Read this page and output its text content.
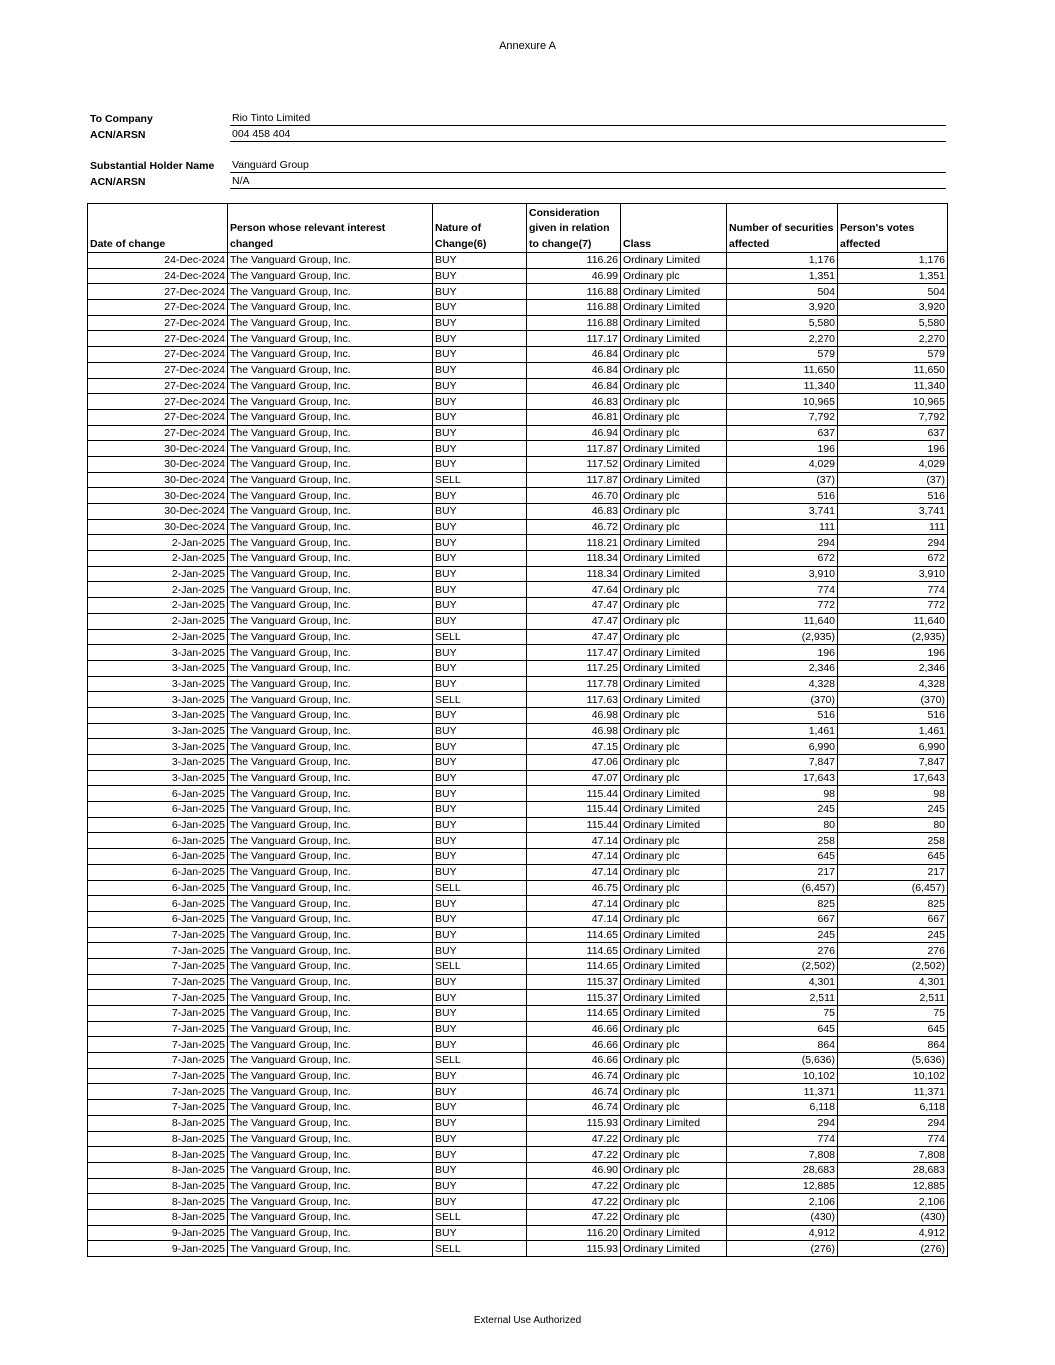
Annexure A
To Company	Rio Tinto Limited
ACN/ARSN	004 458 404
Substantial Holder Name	Vanguard Group
ACN/ARSN	N/A
Date of change	Person whose relevant interest changed	Nature of Change(6)	Consideration given in relation to change(7)	Class	Number of securities affected	Person's votes affected
24-Dec-2024	The Vanguard Group, Inc.	BUY	116.26	Ordinary Limited	1,176	1,176
24-Dec-2024	The Vanguard Group, Inc.	BUY	46.99	Ordinary plc	1,351	1,351
27-Dec-2024	The Vanguard Group, Inc.	BUY	116.88	Ordinary Limited	504	504
27-Dec-2024	The Vanguard Group, Inc.	BUY	116.88	Ordinary Limited	3,920	3,920
27-Dec-2024	The Vanguard Group, Inc.	BUY	116.88	Ordinary Limited	5,580	5,580
27-Dec-2024	The Vanguard Group, Inc.	BUY	117.17	Ordinary Limited	2,270	2,270
27-Dec-2024	The Vanguard Group, Inc.	BUY	46.84	Ordinary plc	579	579
27-Dec-2024	The Vanguard Group, Inc.	BUY	46.84	Ordinary plc	11,650	11,650
27-Dec-2024	The Vanguard Group, Inc.	BUY	46.84	Ordinary plc	11,340	11,340
27-Dec-2024	The Vanguard Group, Inc.	BUY	46.83	Ordinary plc	10,965	10,965
27-Dec-2024	The Vanguard Group, Inc.	BUY	46.81	Ordinary plc	7,792	7,792
27-Dec-2024	The Vanguard Group, Inc.	BUY	46.94	Ordinary plc	637	637
30-Dec-2024	The Vanguard Group, Inc.	BUY	117.87	Ordinary Limited	196	196
30-Dec-2024	The Vanguard Group, Inc.	BUY	117.52	Ordinary Limited	4,029	4,029
30-Dec-2024	The Vanguard Group, Inc.	SELL	117.87	Ordinary Limited	(37)	(37)
30-Dec-2024	The Vanguard Group, Inc.	BUY	46.70	Ordinary plc	516	516
30-Dec-2024	The Vanguard Group, Inc.	BUY	46.83	Ordinary plc	3,741	3,741
30-Dec-2024	The Vanguard Group, Inc.	BUY	46.72	Ordinary plc	111	111
2-Jan-2025	The Vanguard Group, Inc.	BUY	118.21	Ordinary Limited	294	294
2-Jan-2025	The Vanguard Group, Inc.	BUY	118.34	Ordinary Limited	672	672
2-Jan-2025	The Vanguard Group, Inc.	BUY	118.34	Ordinary Limited	3,910	3,910
2-Jan-2025	The Vanguard Group, Inc.	BUY	47.64	Ordinary plc	774	774
2-Jan-2025	The Vanguard Group, Inc.	BUY	47.47	Ordinary plc	772	772
2-Jan-2025	The Vanguard Group, Inc.	BUY	47.47	Ordinary plc	11,640	11,640
2-Jan-2025	The Vanguard Group, Inc.	SELL	47.47	Ordinary plc	(2,935)	(2,935)
3-Jan-2025	The Vanguard Group, Inc.	BUY	117.47	Ordinary Limited	196	196
3-Jan-2025	The Vanguard Group, Inc.	BUY	117.25	Ordinary Limited	2,346	2,346
3-Jan-2025	The Vanguard Group, Inc.	BUY	117.78	Ordinary Limited	4,328	4,328
3-Jan-2025	The Vanguard Group, Inc.	SELL	117.63	Ordinary Limited	(370)	(370)
3-Jan-2025	The Vanguard Group, Inc.	BUY	46.98	Ordinary plc	516	516
3-Jan-2025	The Vanguard Group, Inc.	BUY	46.98	Ordinary plc	1,461	1,461
3-Jan-2025	The Vanguard Group, Inc.	BUY	47.15	Ordinary plc	6,990	6,990
3-Jan-2025	The Vanguard Group, Inc.	BUY	47.06	Ordinary plc	7,847	7,847
3-Jan-2025	The Vanguard Group, Inc.	BUY	47.07	Ordinary plc	17,643	17,643
6-Jan-2025	The Vanguard Group, Inc.	BUY	115.44	Ordinary Limited	98	98
6-Jan-2025	The Vanguard Group, Inc.	BUY	115.44	Ordinary Limited	245	245
6-Jan-2025	The Vanguard Group, Inc.	BUY	115.44	Ordinary Limited	80	80
6-Jan-2025	The Vanguard Group, Inc.	BUY	47.14	Ordinary plc	258	258
6-Jan-2025	The Vanguard Group, Inc.	BUY	47.14	Ordinary plc	645	645
6-Jan-2025	The Vanguard Group, Inc.	BUY	47.14	Ordinary plc	217	217
6-Jan-2025	The Vanguard Group, Inc.	SELL	46.75	Ordinary plc	(6,457)	(6,457)
6-Jan-2025	The Vanguard Group, Inc.	BUY	47.14	Ordinary plc	825	825
6-Jan-2025	The Vanguard Group, Inc.	BUY	47.14	Ordinary plc	667	667
7-Jan-2025	The Vanguard Group, Inc.	BUY	114.65	Ordinary Limited	245	245
7-Jan-2025	The Vanguard Group, Inc.	BUY	114.65	Ordinary Limited	276	276
7-Jan-2025	The Vanguard Group, Inc.	SELL	114.65	Ordinary Limited	(2,502)	(2,502)
7-Jan-2025	The Vanguard Group, Inc.	BUY	115.37	Ordinary Limited	4,301	4,301
7-Jan-2025	The Vanguard Group, Inc.	BUY	115.37	Ordinary Limited	2,511	2,511
7-Jan-2025	The Vanguard Group, Inc.	BUY	114.65	Ordinary Limited	75	75
7-Jan-2025	The Vanguard Group, Inc.	BUY	46.66	Ordinary plc	645	645
7-Jan-2025	The Vanguard Group, Inc.	BUY	46.66	Ordinary plc	864	864
7-Jan-2025	The Vanguard Group, Inc.	SELL	46.66	Ordinary plc	(5,636)	(5,636)
7-Jan-2025	The Vanguard Group, Inc.	BUY	46.74	Ordinary plc	10,102	10,102
7-Jan-2025	The Vanguard Group, Inc.	BUY	46.74	Ordinary plc	11,371	11,371
7-Jan-2025	The Vanguard Group, Inc.	BUY	46.74	Ordinary plc	6,118	6,118
8-Jan-2025	The Vanguard Group, Inc.	BUY	115.93	Ordinary Limited	294	294
8-Jan-2025	The Vanguard Group, Inc.	BUY	47.22	Ordinary plc	774	774
8-Jan-2025	The Vanguard Group, Inc.	BUY	47.22	Ordinary plc	7,808	7,808
8-Jan-2025	The Vanguard Group, Inc.	BUY	46.90	Ordinary plc	28,683	28,683
8-Jan-2025	The Vanguard Group, Inc.	BUY	47.22	Ordinary plc	12,885	12,885
8-Jan-2025	The Vanguard Group, Inc.	BUY	47.22	Ordinary plc	2,106	2,106
8-Jan-2025	The Vanguard Group, Inc.	SELL	47.22	Ordinary plc	(430)	(430)
9-Jan-2025	The Vanguard Group, Inc.	BUY	116.20	Ordinary Limited	4,912	4,912
9-Jan-2025	The Vanguard Group, Inc.	SELL	115.93	Ordinary Limited	(276)	(276)
External Use Authorized
